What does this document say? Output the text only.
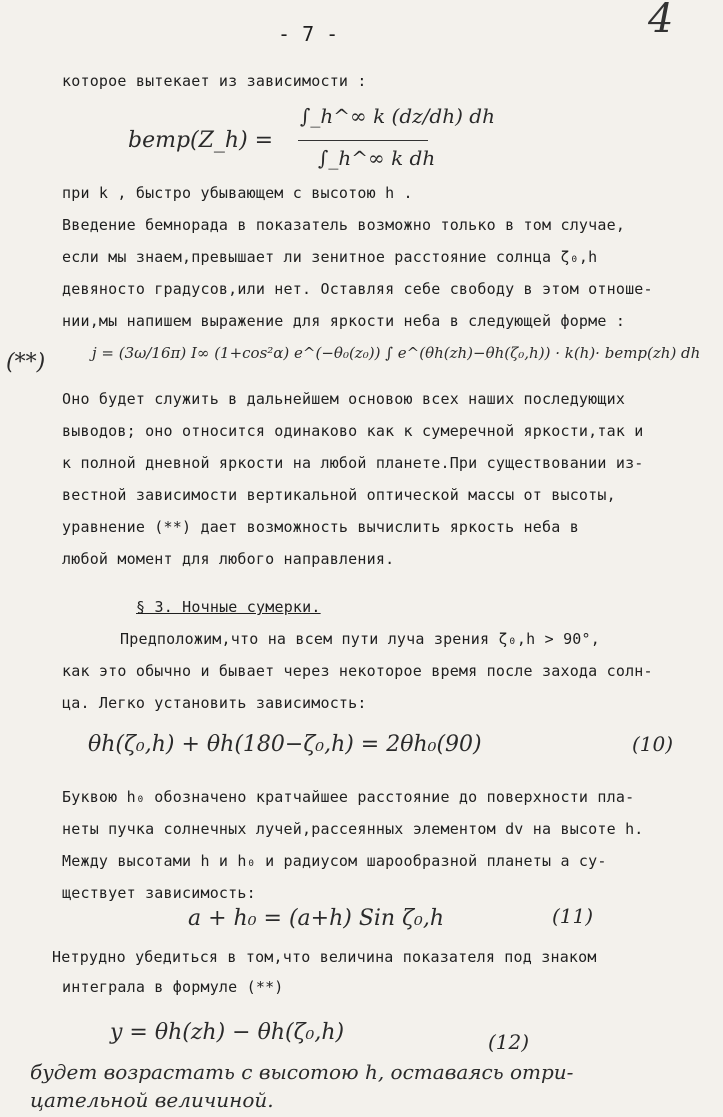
- 7 -	4
которое вытекает из зависимости :
bemp(Z_h) =
∫_h^∞ k (dz/dh) dh
∫_h^∞ k dh
при k , быстро убывающем с высотою h .
Введение бемнорада в показатель возможно только в том случае,
если мы знаем,превышает ли зенитное расстояние солнца ζ₀,h
девяносто градусов,или нет. Оставляя себе свободу в этом отноше-
нии,мы напишем выражение для яркости неба в следующей форме :
(**)	j = (3ω/16π) I∞ (1+cos²α) e^(−θ₀(z₀)) ∫ e^(θh(zh)−θh(ζ₀,h)) · k(h)· bemp(zh) dh
Оно будет служить в дальнейшем основою всех наших последующих
выводов; оно относится одинаково как к сумеречной яркости,так и
к полной дневной яркости на любой планете.При существовании из-
вестной зависимости вертикальной оптической массы от высоты,
уравнение (**) дает возможность вычислить яркость неба в
любой момент для любого направления.
§ 3. Ночные сумерки.
Предположим,что на всем пути луча зрения ζ₀,h > 90°,
как это обычно и бывает через некоторое время после захода солн-
ца. Легко установить зависимость:
θh(ζ₀,h) + θh(180−ζ₀,h) = 2θh₀(90)	(10)
Буквою h₀ обозначено кратчайшее расстояние до поверхности пла-
неты пучка солнечных лучей,рассеянных элементом dv на высоте h.
Между высотами h и h₀ и радиусом шарообразной планеты a су-
ществует зависимость:
a + h₀ = (a+h) Sin ζ₀,h	(11)
Нетрудно убедиться в том,что величина показателя под знаком
интеграла в формуле (**)
y = θh(zh) − θh(ζ₀,h)	(12)
будет возрастать с высотою h, оставаясь отри-
цательной величиной.
